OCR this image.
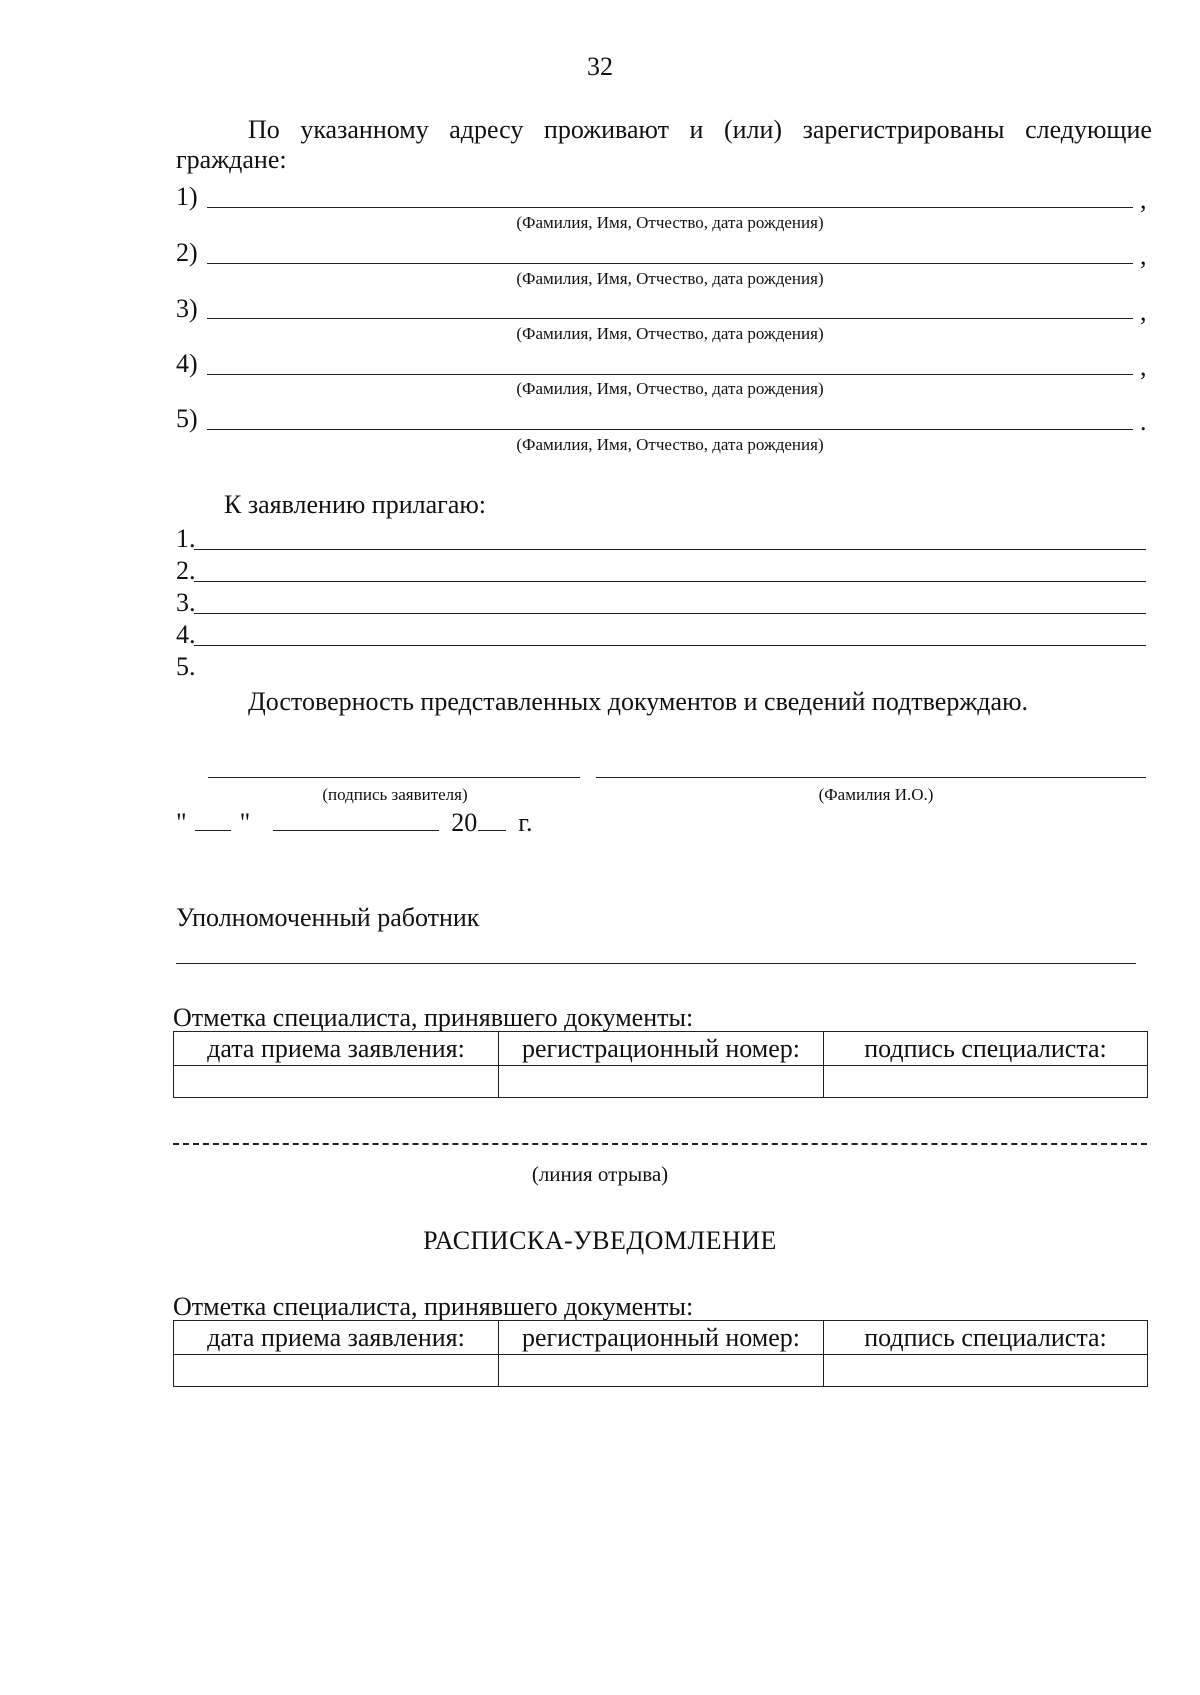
32
По указанному адресу проживают и (или) зарегистрированы следующие
граждане:
1)	,
(Фамилия, Имя, Отчество, дата рождения)
2)	,
(Фамилия, Имя, Отчество, дата рождения)
3)	,
(Фамилия, Имя, Отчество, дата рождения)
4)	,
(Фамилия, Имя, Отчество, дата рождения)
5)	.
(Фамилия, Имя, Отчество, дата рождения)
К заявлению прилагаю:
1.
2.
3.
4.
5.
Достоверность представленных документов и сведений подтверждаю.
(подпись заявителя)	(Фамилия И.О.)
" "	20 г.
Уполномоченный работник
Отметка специалиста, принявшего документы:
дата приема заявления:	регистрационный номер:	подпись специалиста:

(линия отрыва)
РАСПИСКА-УВЕДОМЛЕНИЕ
Отметка специалиста, принявшего документы:
дата приема заявления:	регистрационный номер:	подпись специалиста:
